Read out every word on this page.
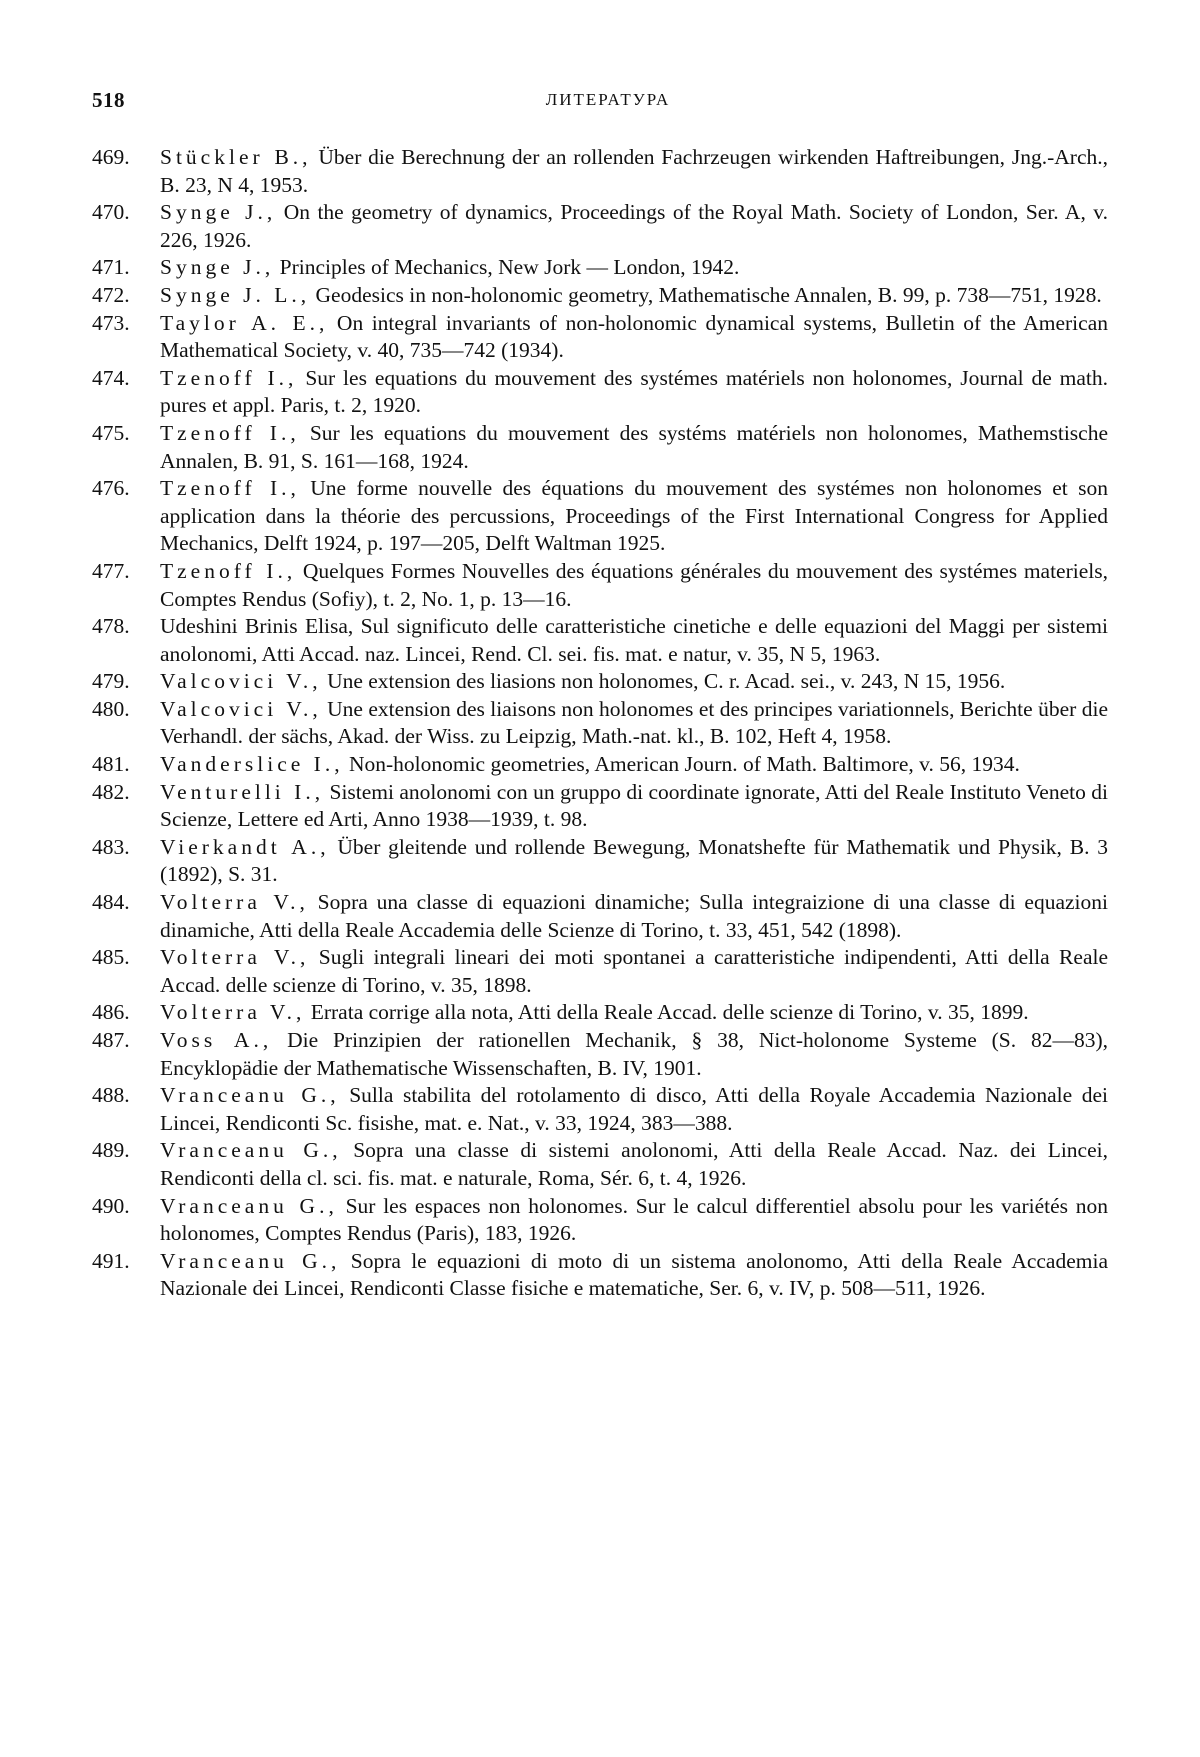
518	ЛИТЕРАТУРА
469. Stückler B., Über die Berechnung der an rollenden Fachrzeugen wirkenden Haftreibungen, Jng.-Arch., B. 23, N 4, 1953.
470. Synge J., On the geometry of dynamics, Proceedings of the Royal Math. Society of London, Ser. A, v. 226, 1926.
471. Synge J., Principles of Mechanics, New Jork — London, 1942.
472. Synge J. L., Geodesics in non-holonomic geometry, Mathematische Annalen, B. 99, p. 738—751, 1928.
473. Taylor A. E., On integral invariants of non-holonomic dynamical systems, Bulletin of the American Mathematical Society, v. 40, 735—742 (1934).
474. Tzenoff I., Sur les equations du mouvement des systémes matériels non holonomes, Journal de math. pures et appl. Paris, t. 2, 1920.
475. Tzenoff I., Sur les equations du mouvement des systéms matériels non holonomes, Mathemstische Annalen, B. 91, S. 161—168, 1924.
476. Tzenoff I., Une forme nouvelle des équations du mouvement des systémes non holonomes et son application dans la théorie des percussions, Proceedings of the First International Congress for Applied Mechanics, Delft 1924, p. 197—205, Delft Waltman 1925.
477. Tzenoff I., Quelques Formes Nouvelles des équations générales du mouvement des systémes materiels, Comptes Rendus (Sofiy), t. 2, No. 1, p. 13—16.
478. Udeshini Brinis Elisa, Sul significuto delle caratteristiche cinetiche e delle equazioni del Maggi per sistemi anolonomi, Atti Accad. naz. Lincei, Rend. Cl. sei. fis. mat. e natur, v. 35, N 5, 1963.
479. Valcovici V., Une extension des liasions non holonomes, C. r. Acad. sei., v. 243, N 15, 1956.
480. Valcovici V., Une extension des liaisons non holonomes et des principes variationnels, Berichte über die Verhandl. der sächs, Akad. der Wiss. zu Leipzig, Math.-nat. kl., B. 102, Heft 4, 1958.
481. Vanderslice I., Non-holonomic geometries, American Journ. of Math. Baltimore, v. 56, 1934.
482. Venturelli I., Sistemi anolonomi con un gruppo di coordinate ignorate, Atti del Reale Instituto Veneto di Scienze, Lettere ed Arti, Anno 1938—1939, t. 98.
483. Vierkandt A., Über gleitende und rollende Bewegung, Monatshefte für Mathematik und Physik, B. 3 (1892), S. 31.
484. Volterra V., Sopra una classe di equazioni dinamiche; Sulla integraizione di una classe di equazioni dinamiche, Atti della Reale Accademia delle Scienze di Torino, t. 33, 451, 542 (1898).
485. Volterra V., Sugli integrali lineari dei moti spontanei a caratteristiche indipendenti, Atti della Reale Accad. delle scienze di Torino, v. 35, 1898.
486. Volterra V., Errata corrige alla nota, Atti della Reale Accad. delle scienze di Torino, v. 35, 1899.
487. Voss A., Die Prinzipien der rationellen Mechanik, § 38, Nict-holonome Systeme (S. 82—83), Encyklopädie der Mathematische Wissenschaften, B. IV, 1901.
488. Vranceanu G., Sulla stabilita del rotolamento di disco, Atti della Royale Accademia Nazionale dei Lincei, Rendiconti Sc. fisishe, mat. e. Nat., v. 33, 1924, 383—388.
489. Vranceanu G., Sopra una classe di sistemi anolonomi, Atti della Reale Accad. Naz. dei Lincei, Rendiconti della cl. sci. fis. mat. e naturale, Roma, Sér. 6, t. 4, 1926.
490. Vranceanu G., Sur les espaces non holonomes. Sur le calcul differentiel absolu pour les variétés non holonomes, Comptes Rendus (Paris), 183, 1926.
491. Vranceanu G., Sopra le equazioni di moto di un sistema anolonomo, Atti della Reale Accademia Nazionale dei Lincei, Rendiconti Classe fisiche e matematiche, Ser. 6, v. IV, p. 508—511, 1926.
